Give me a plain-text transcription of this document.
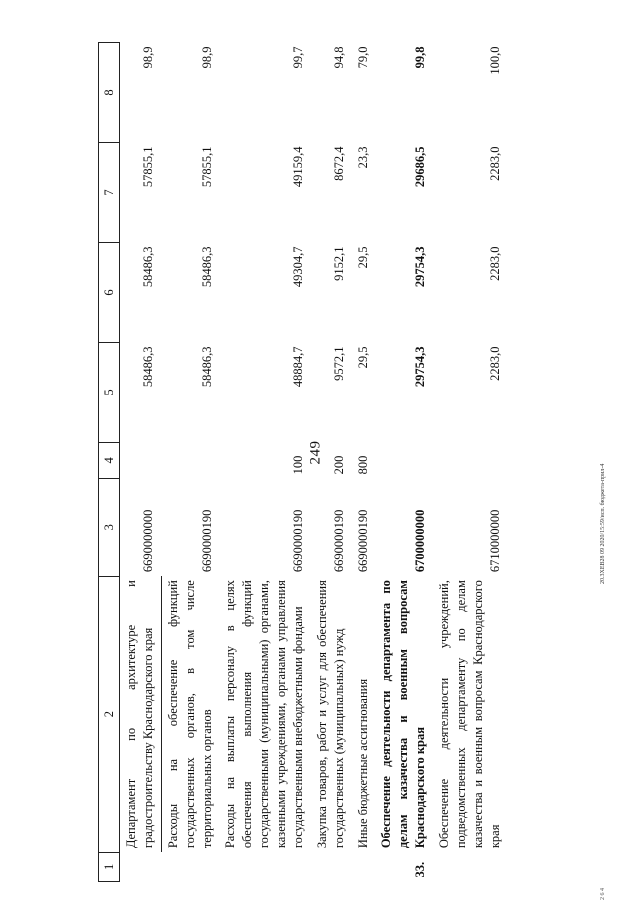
249
20.3ХЕВ28 09 2020/15:59/исп. бюджета-прил-4
2 6 4
1	2	3	4	5	6	7	8
	Департамент по архитектуре и градостроительству Краснодарского края	6690000000		58486,3	58486,3	57855,1	98,9
	Расходы на обеспечение функций государственных органов, в том числе территориальных органов	6690000190		58486,3	58486,3	57855,1	98,9
	Расходы на выплаты персоналу в целях обеспечения выполнения функций государственными (муниципальными) органами, казенными учреждениями, органами управления государственными внебюджетными фондами	6690000190	100	48884,7	49304,7	49159,4	99,7
	Закупка товаров, работ и услуг для обеспечения государственных (муниципальных) нужд	6690000190	200	9572,1	9152,1	8672,4	94,8
	Иные бюджетные ассигнования	6690000190	800	29,5	29,5	23,3	79,0
33.	Обеспечение деятельности департамента по делам казачества и военным вопросам Краснодарского края	6700000000		29754,3	29754,3	29686,5	99,8
	Обеспечение деятельности учреждений, подведомственных департаменту по делам казачества и военным вопросам Краснодарского края	6710000000		2283,0	2283,0	2283,0	100,0
